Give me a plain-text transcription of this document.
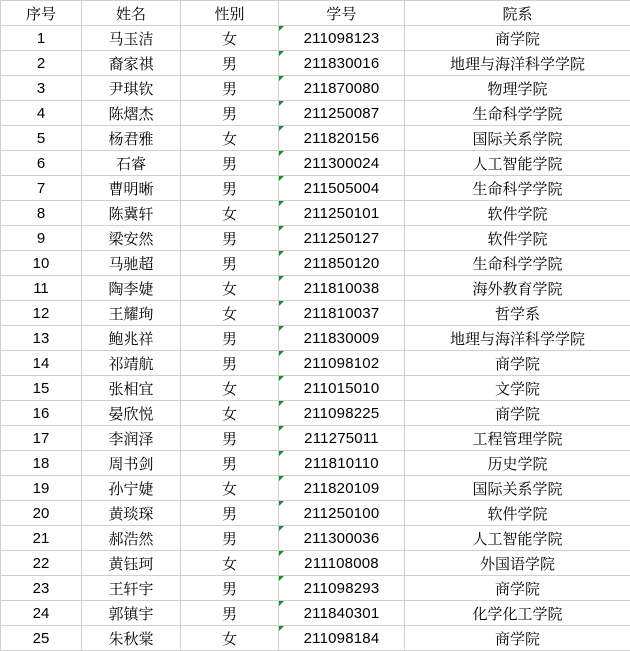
序号	姓名	性别	学号	院系
1	马玉洁	女	211098123	商学院
2	裔家祺	男	211830016	地理与海洋科学学院
3	尹琪钦	男	211870080	物理学院
4	陈熠杰	男	211250087	生命科学学院
5	杨君雅	女	211820156	国际关系学院
6	石睿	男	211300024	人工智能学院
7	曹明晰	男	211505004	生命科学学院
8	陈冀轩	女	211250101	软件学院
9	梁安然	男	211250127	软件学院
10	马驰超	男	211850120	生命科学学院
11	陶李婕	女	211810038	海外教育学院
12	王耀珣	女	211810037	哲学系
13	鲍兆祥	男	211830009	地理与海洋科学学院
14	祁靖航	男	211098102	商学院
15	张相宜	女	211015010	文学院
16	晏欣悦	女	211098225	商学院
17	李润泽	男	211275011	工程管理学院
18	周书剑	男	211810110	历史学院
19	孙宁婕	女	211820109	国际关系学院
20	黄琰琛	男	211250100	软件学院
21	郝浩然	男	211300036	人工智能学院
22	黄钰珂	女	211108008	外国语学院
23	王轩宇	男	211098293	商学院
24	郭镇宇	男	211840301	化学化工学院
25	朱秋棠	女	211098184	商学院
